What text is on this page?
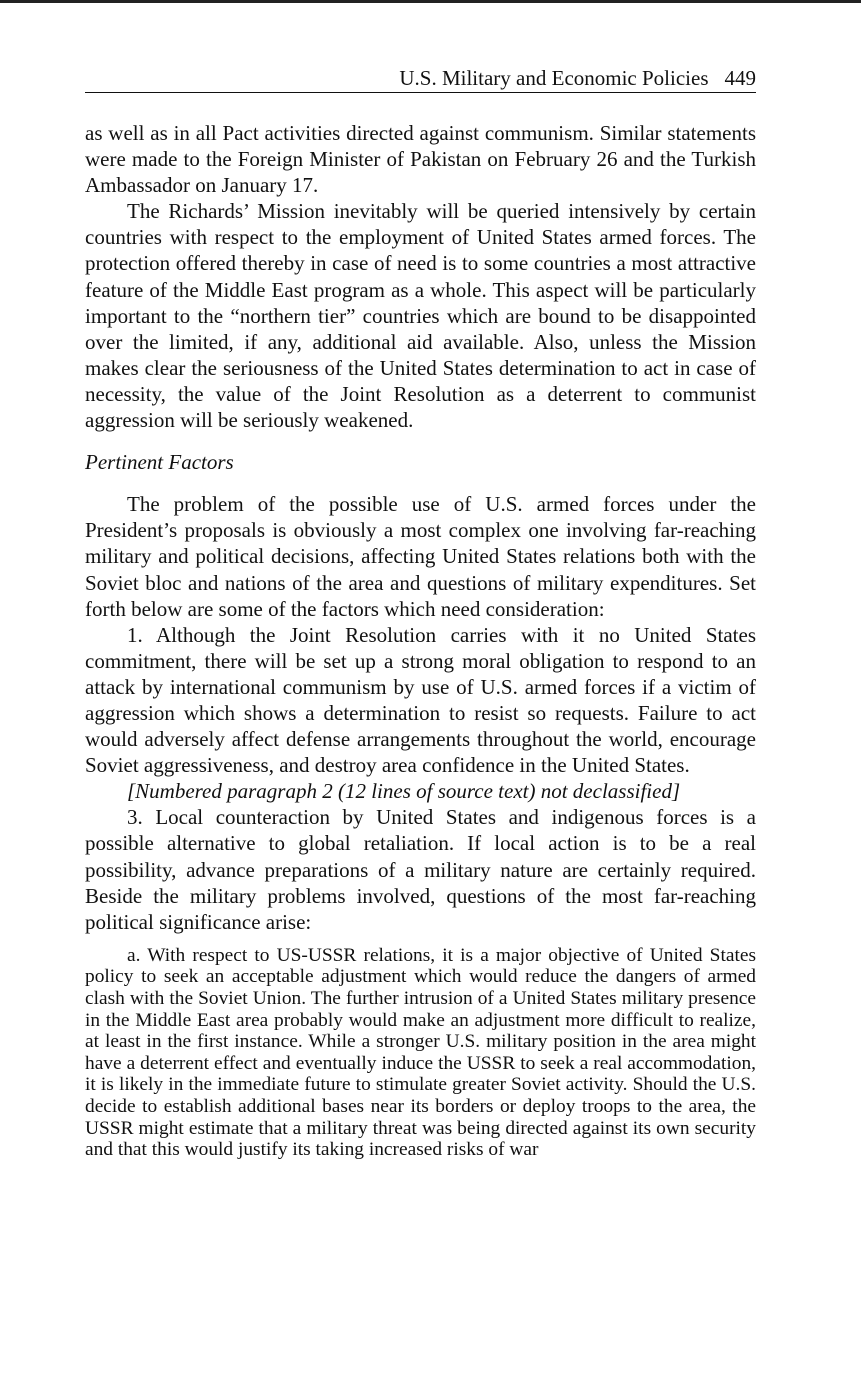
U.S. Military and Economic Policies 449

as well as in all Pact activities directed against communism. Similar statements were made to the Foreign Minister of Pakistan on February 26 and the Turkish Ambassador on January 17.

The Richards’ Mission inevitably will be queried intensively by certain countries with respect to the employment of United States armed forces. The protection offered thereby in case of need is to some countries a most attractive feature of the Middle East program as a whole. This aspect will be particularly important to the “northern tier” countries which are bound to be disappointed over the limited, if any, additional aid available. Also, unless the Mission makes clear the seriousness of the United States determination to act in case of necessity, the value of the Joint Resolution as a deterrent to communist aggression will be seriously weakened.

Pertinent Factors

The problem of the possible use of U.S. armed forces under the President’s proposals is obviously a most complex one involving far-reaching military and political decisions, affecting United States relations both with the Soviet bloc and nations of the area and questions of military expenditures. Set forth below are some of the factors which need consideration:

1. Although the Joint Resolution carries with it no United States commitment, there will be set up a strong moral obligation to respond to an attack by international communism by use of U.S. armed forces if a victim of aggression which shows a determination to resist so requests. Failure to act would adversely affect defense arrangements throughout the world, encourage Soviet aggressiveness, and destroy area confidence in the United States.

[Numbered paragraph 2 (12 lines of source text) not declassified]

3. Local counteraction by United States and indigenous forces is a possible alternative to global retaliation. If local action is to be a real possibility, advance preparations of a military nature are certainly required. Beside the military problems involved, questions of the most far-reaching political significance arise:

a. With respect to US-USSR relations, it is a major objective of United States policy to seek an acceptable adjustment which would reduce the dangers of armed clash with the Soviet Union. The further intrusion of a United States military presence in the Middle East area probably would make an adjustment more difficult to realize, at least in the first instance. While a stronger U.S. military position in the area might have a deterrent effect and eventually induce the USSR to seek a real accommodation, it is likely in the immediate future to stimulate greater Soviet activity. Should the U.S. decide to establish additional bases near its borders or deploy troops to the area, the USSR might estimate that a military threat was being directed against its own security and that this would justify its taking increased risks of war
